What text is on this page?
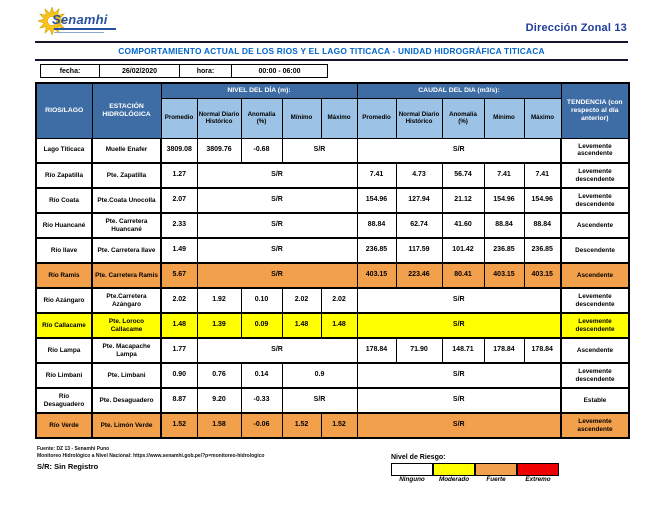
Senamhi
Dirección Zonal 13
COMPORTAMIENTO ACTUAL DE LOS RIOS Y EL LAGO TITICACA - UNIDAD HIDROGRÁFICA TITICACA
fecha:	26/02/2020	hora:	00:00 - 06:00
RIOS/LAGO	ESTACIÓN HIDROLÓGICA	NIVEL DEL DÍA (m):					CAUDAL DEL DIA (m3/s):					TENDENCIA (con respecto al día anterior)
		Promedio	Normal Diario Histórico	Anomalía (%)	Mínimo	Máximo	Promedio	Normal Diario Histórico	Anomalía (%)	Mínimo	Máximo	
Lago Titicaca	Muelle Enafer	3809.08	3809.76	-0.68	S/R		S/R					Levemente ascendente
Río Zapatilla	Pte. Zapatilla	1.27	S/R				7.41	4.73	56.74	7.41	7.41	Levemente descendente
Río Coata	Pte.Coata Unocolla	2.07	S/R				154.96	127.94	21.12	154.96	154.96	Levemente descendente
Río Huancané	Pte. Carretera Huancané	2.33	S/R				88.84	62.74	41.60	88.84	88.84	Ascendente
Río Ilave	Pte. Carretera Ilave	1.49	S/R				236.85	117.59	101.42	236.85	236.85	Descendente
Río Ramis	Pte. Carretera Ramis	5.67	S/R				403.15	223.46	80.41	403.15	403.15	Ascendente
Río Azángaro	Pte.Carretera Azángaro	2.02	1.92	0.10	2.02	2.02	S/R					Levemente descendente
Río Callacame	Pte. Loroco Callacame	1.48	1.39	0.09	1.48	1.48	S/R					Levemente descendente
Río Lampa	Pte. Macapache Lampa	1.77	S/R				178.84	71.90	148.71	178.84	178.84	Ascendente
Río Limbani	Pte. Limbani	0.90	0.76	0.14	0.9		S/R					Levemente descendente
Río Desaguadero	Pte. Desaguadero	8.87	9.20	-0.33	S/R		S/R					Estable
Río Verde	Pte. Limón Verde	1.52	1.58	-0.06	1.52	1.52	S/R					Levemente ascendente
Fuente: DZ 13 - Senamhi Puno
Monitoreo Hidrológico a Nivel Nacional: https://www.senamhi.gob.pe/?p=monitoreo-hidrologico
S/R: Sin Registro
Nivel de Riesgo:
Ninguno	Moderado	Fuerte	Extremo
